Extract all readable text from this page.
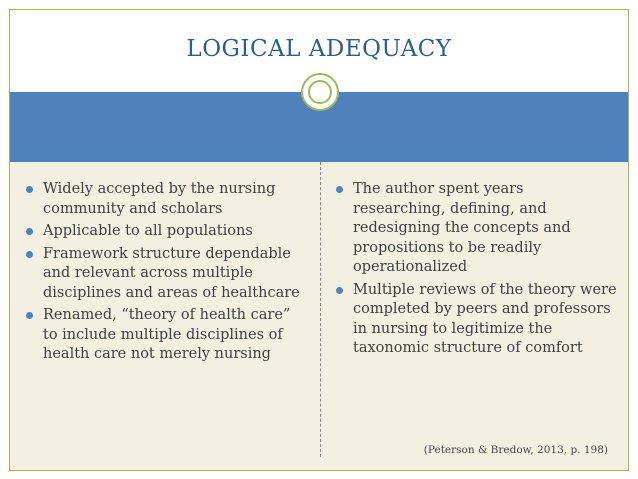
LOGICAL ADEQUACY
Widely accepted by the nursing community and scholars
Applicable to all populations
Framework structure dependable and relevant across multiple disciplines and areas of healthcare
Renamed, “theory of health care” to include multiple disciplines of health care not merely nursing
The author spent years researching, defining, and redesigning the concepts and propositions to be readily operationalized
Multiple reviews of the theory were completed by peers and professors in nursing to legitimize the taxonomic structure of comfort
(Peterson & Bredow, 2013, p. 198)
